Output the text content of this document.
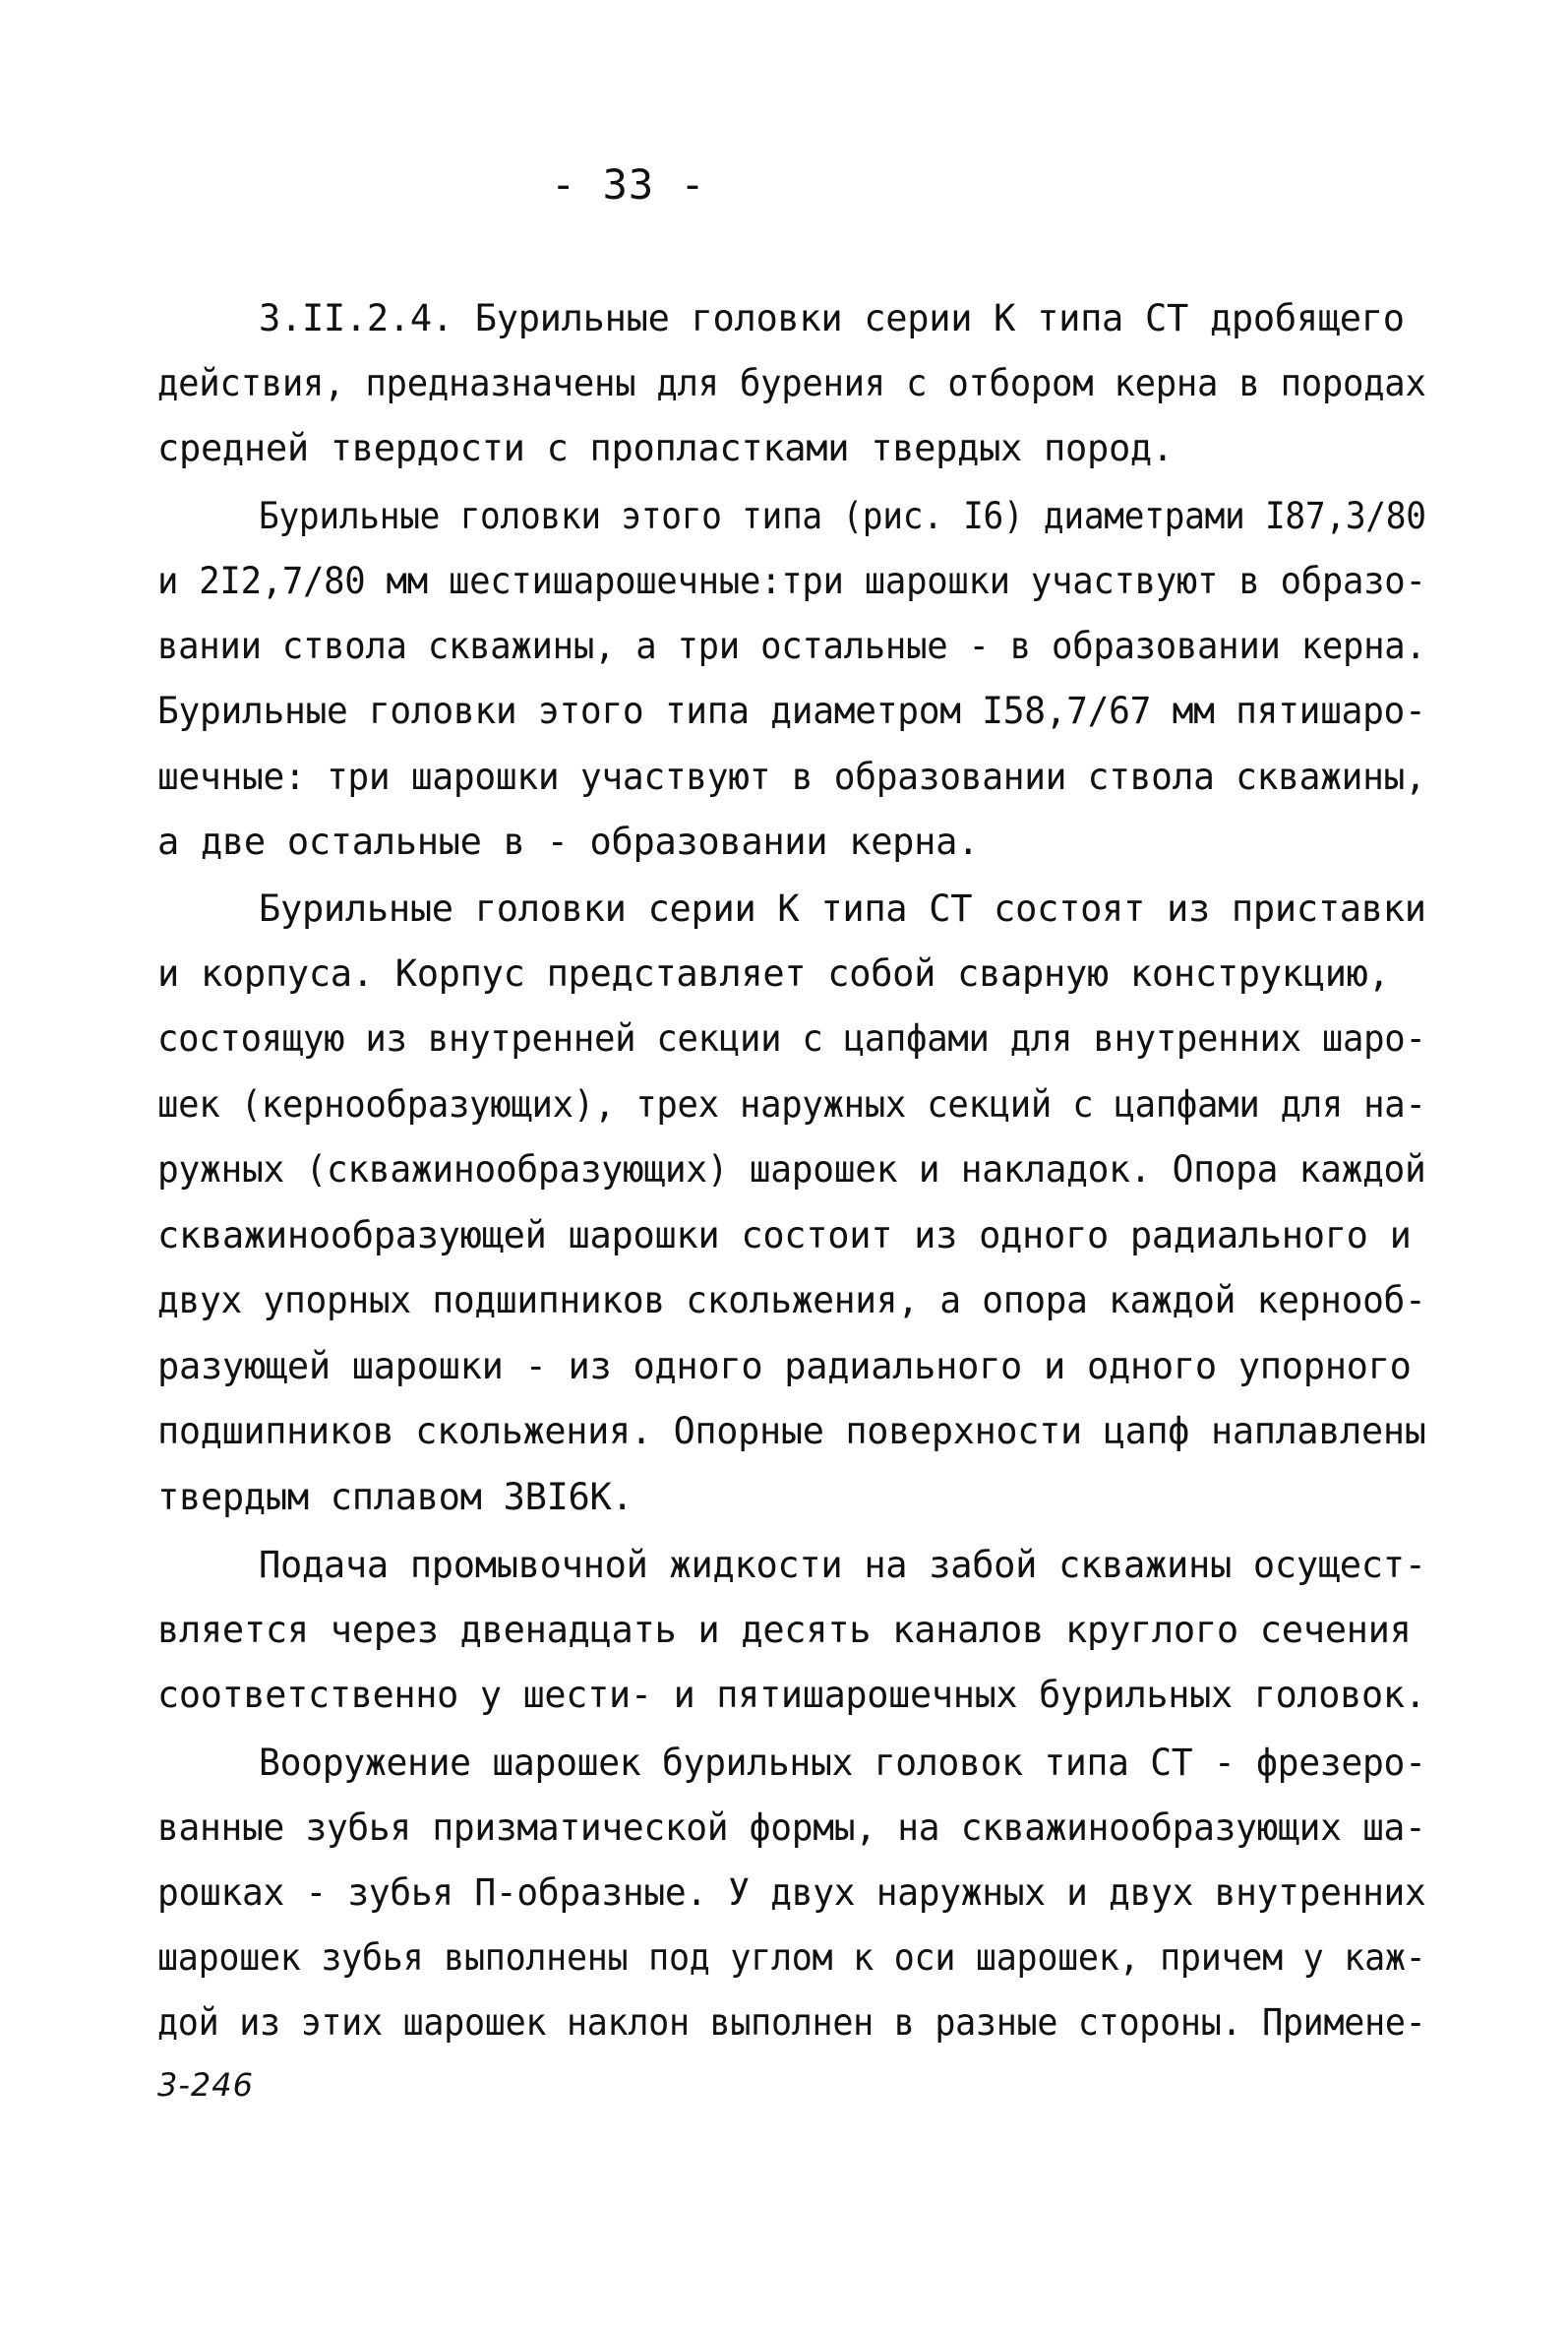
- 33 -
3.II.2.4. Бурильные головки серии К типа СТ дробящего
действия, предназначены для бурения с отбором керна в породах
средней твердости с пропластками твердых пород.
Бурильные головки этого типа (рис. I6) диаметрами I87,3/80
и 2I2,7/80 мм шестишарошечные:три шарошки участвуют в образо-
вании ствола скважины, а три остальные - в образовании керна.
Бурильные головки этого типа диаметром I58,7/67 мм пятишаро-
шечные: три шарошки участвуют в образовании ствола скважины,
а две остальные в - образовании керна.
Бурильные головки серии К типа СТ состоят из приставки
и корпуса. Корпус представляет собой сварную конструкцию,
состоящую из внутренней секции с цапфами для внутренних шаро-
шек (кернообразующих), трех наружных секций с цапфами для на-
ружных (скважинообразующих) шарошек и накладок. Опора каждой
скважинообразующей шарошки состоит из одного радиального и
двух упорных подшипников скольжения, а опора каждой кернооб-
разующей шарошки - из одного радиального и одного упорного
подшипников скольжения. Опорные поверхности цапф наплавлены
твердым сплавом ЗВI6К.
Подача промывочной жидкости на забой скважины осущест-
вляется через двенадцать и десять каналов круглого сечения
соответственно у шести- и пятишарошечных бурильных головок.
Вооружение шарошек бурильных головок типа СТ - фрезеро-
ванные зубья призматической формы, на скважинообразующих ша-
рошках - зубья П-образные. У двух наружных и двух внутренних
шарошек зубья выполнены под углом к оси шарошек, причем у каж-
дой из этих шарошек наклон выполнен в разные стороны. Примене-
3-246
